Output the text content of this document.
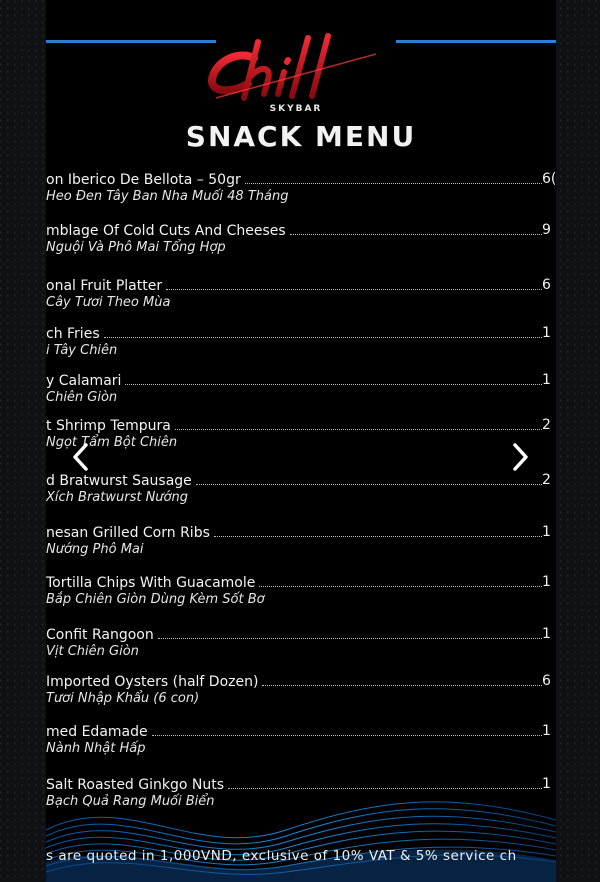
SKYBAR
SNACK MENU
on Iberico De Bellota – 50gr	6(
Heo Đen Tây Ban Nha Muối 48 Tháng
mblage Of Cold Cuts And Cheeses	9
Nguội Và Phô Mai Tổng Hợp
onal Fruit Platter	6
Cây Tươi Theo Mùa
ch Fries	1
i Tây Chiên
y Calamari	1
Chiên Giòn
t Shrimp Tempura	2
Ngọt Tẩm Bột Chiên
d Bratwurst Sausage	2
Xích Bratwurst Nướng
nesan Grilled Corn Ribs	1
Nướng Phô Mai
Tortilla Chips With Guacamole	1
Bắp Chiên Giòn Dùng Kèm Sốt Bơ
Confit Rangoon	1
Vịt Chiên Giòn
Imported Oysters (half Dozen)	6
Tươi Nhập Khẩu (6 con)
med Edamade	1
Nành Nhật Hấp
Salt Roasted Ginkgo Nuts	1
Bạch Quả Rang Muối Biển
s are quoted in 1,000VND, exclusive of 10% VAT & 5% service ch
